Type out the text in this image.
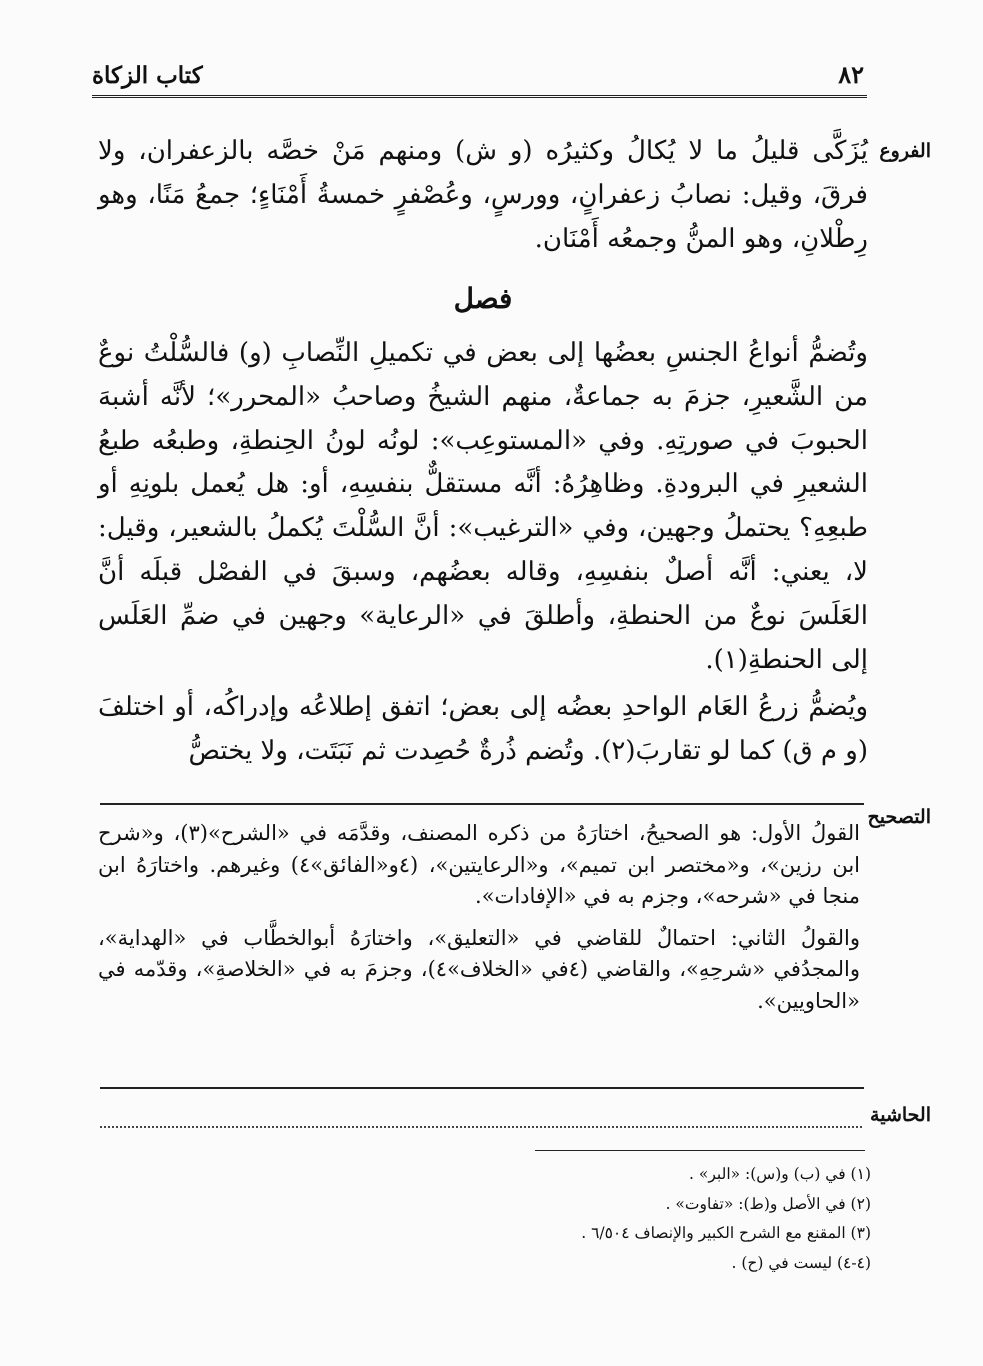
٨٢
كتاب الزكاة
الفروع

يُزَكَّى قليلُ ما لا يُكالُ وكثيرُه (و ش) ومنهم مَنْ خصَّه بالزعفران، ولا فرقَ، وقيل: نصابُ زعفرانٍ، وورسٍ، وعُصْفرٍ خمسةُ أَمْنَاءٍ؛ جمعُ مَنًا، وهو رِطْلانِ، وهو المنُّ وجمعُه أَمْنَان.

فصل

وتُضمُّ أنواعُ الجنسِ بعضُها إلى بعض في تكميلِ النِّصابِ (و) فالسُّلْتُ نوعٌ من الشَّعيرِ، جزمَ به جماعةٌ، منهم الشيخُ وصاحبُ «المحرر»؛ لأنَّه أشبهَ الحبوبَ في صورتِهِ. وفي «المستوعِب»: لونُه لونُ الحِنطةِ، وطبعُه طبعُ الشعيرِ في البرودةِ. وظاهِرُهُ: أنَّه مستقلٌّ بنفسِهِ، أو: هل يُعمل بلونِهِ أو طبعِهِ؟ يحتملُ وجهين، وفي «الترغيب»: أنَّ السُّلْتَ يُكملُ بالشعير، وقيل: لا، يعني: أنَّه أصلٌ بنفسِهِ، وقاله بعضُهم، وسبقَ في الفصْل قبلَه أنَّ العَلَسَ نوعٌ من الحنطةِ، وأطلقَ في «الرعاية» وجهين في ضمِّ العَلَس إلى الحنطةِ(١).

ويُضمُّ زرعُ العَام الواحدِ بعضُه إلى بعض؛ اتفق إطلاعُه وإدراكُه، أو اختلفَ (و م ق) كما لو تقاربَ(٢). وتُضم ذُرةٌ حُصِدت ثم نَبَتَت، ولا يختصُّ

التصحيح

القولُ الأول: هو الصحيحُ، اختارَهُ من ذكره المصنف، وقدَّمَه في «الشرح»(٣)، و«شرح ابن رزين»، و«مختصر ابن تميم»، و«الرعايتين»، (٤و«الفائق»٤) وغيرهم. واختارَهُ ابن منجا في «شرحه»، وجزم به في «الإفادات».

والقولُ الثاني: احتمالٌ للقاضي في «التعليق»، واختارَهُ أبوالخطَّاب في «الهداية»، والمجدُفي «شرحِهِ»، والقاضي (٤في «الخلاف»٤)، وجزمَ به في «الخلاصةِ»، وقدّمه في «الحاويين».

الحاشية
(١) في (ب) و(س): «البر» .
(٢) في الأصل و(ط): «تفاوت» .
(٣) المقنع مع الشرح الكبير والإنصاف ٦/٥٠٤ .
(٤-٤) ليست في (ح) .
